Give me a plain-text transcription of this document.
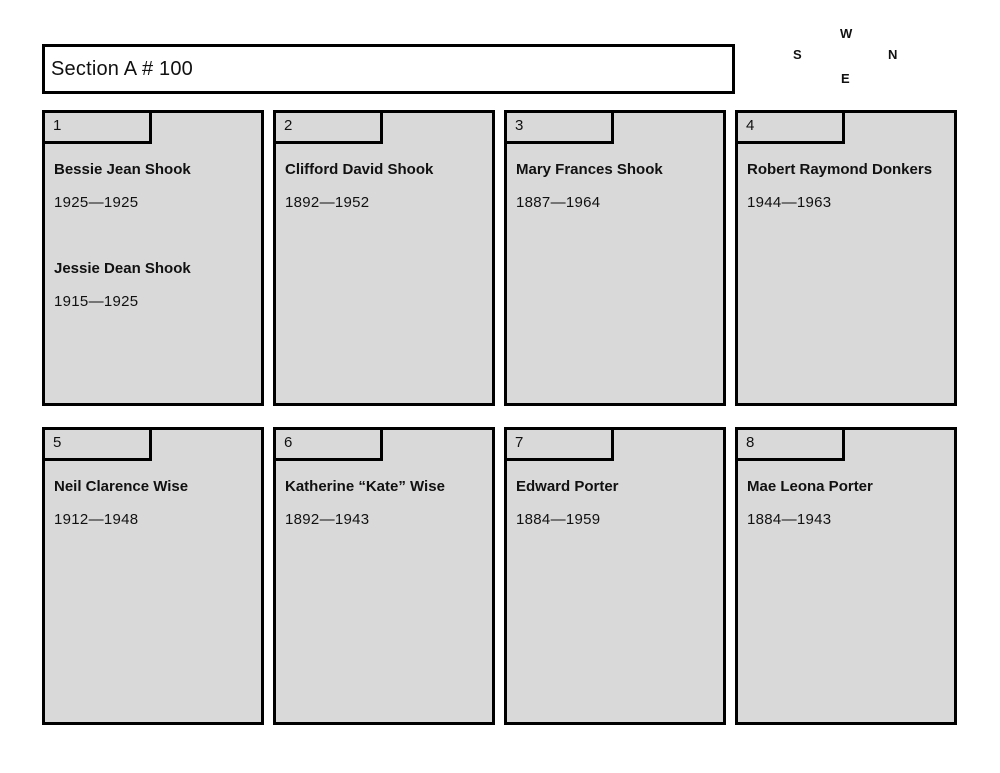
Section A # 100
W
S	N
E
1
Bessie Jean Shook
1925—1925
Jessie Dean Shook
1915—1925
2
Clifford David Shook
1892—1952
3
Mary Frances Shook
1887—1964
4
Robert Raymond Donkers
1944—1963
5
Neil Clarence Wise
1912—1948
6
Katherine “Kate” Wise
1892—1943
7
Edward Porter
1884—1959
8
Mae Leona Porter
1884—1943
